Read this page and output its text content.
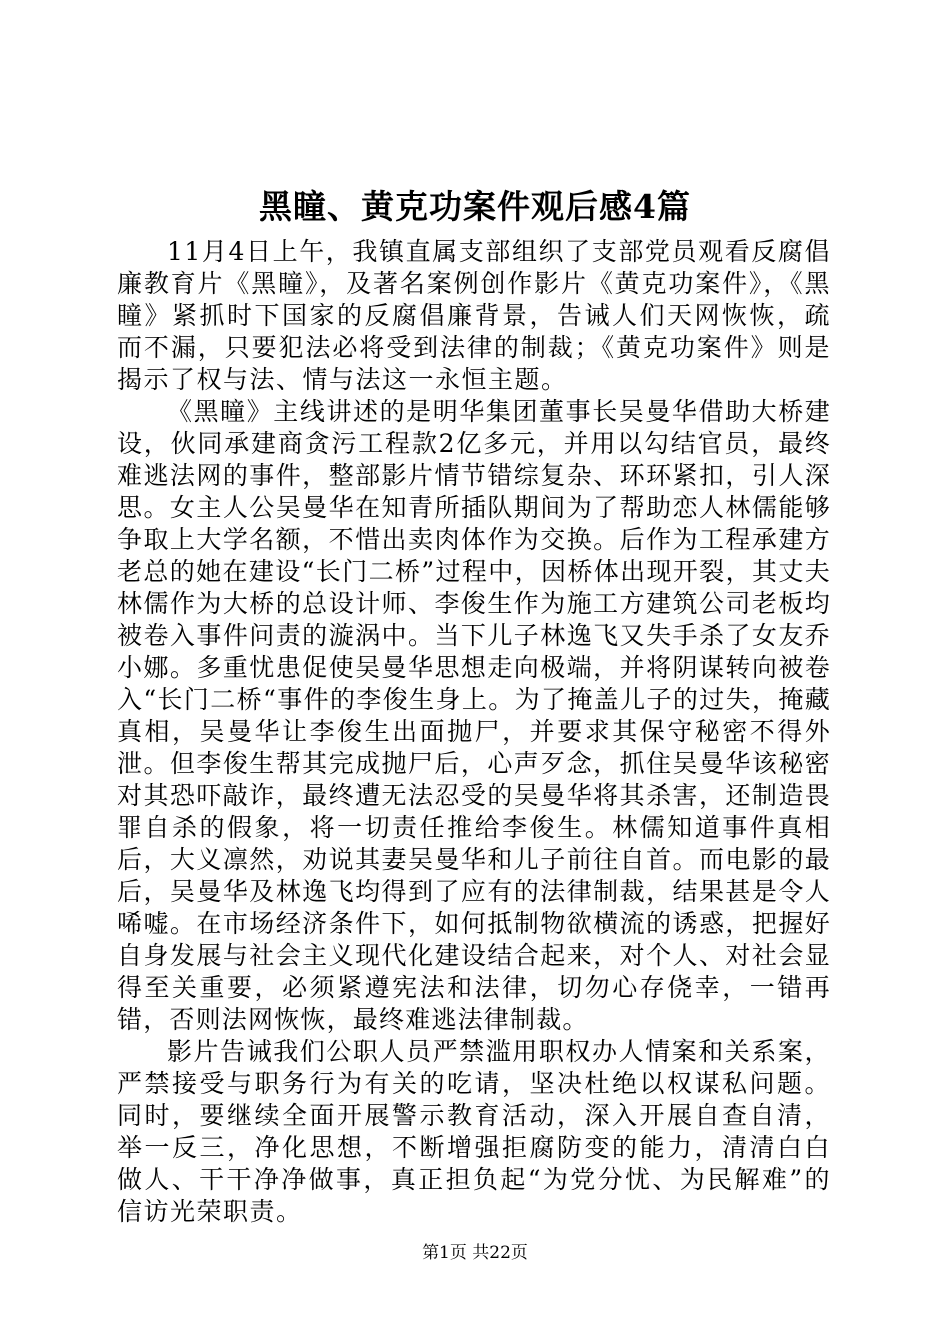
黑瞳、黄克功案件观后感4篇

11月4日上午，我镇直属支部组织了支部党员观看反腐倡廉教育片《黑瞳》，及著名案例创作影片《黄克功案件》，《黑瞳》紧抓时下国家的反腐倡廉背景，告诫人们天网恢恢，疏而不漏，只要犯法必将受到法律的制裁；《黄克功案件》则是揭示了权与法、情与法这一永恒主题。

《黑瞳》主线讲述的是明华集团董事长吴曼华借助大桥建设，伙同承建商贪污工程款2亿多元，并用以勾结官员，最终难逃法网的事件，整部影片情节错综复杂、环环紧扣，引人深思。女主人公吴曼华在知青所插队期间为了帮助恋人林儒能够争取上大学名额，不惜出卖肉体作为交换。后作为工程承建方老总的她在建设“长门二桥”过程中，因桥体出现开裂，其丈夫林儒作为大桥的总设计师、李俊生作为施工方建筑公司老板均被卷入事件问责的漩涡中。当下儿子林逸飞又失手杀了女友乔小娜。多重忧患促使吴曼华思想走向极端，并将阴谋转向被卷入“长门二桥“事件的李俊生身上。为了掩盖儿子的过失，掩藏真相，吴曼华让李俊生出面抛尸，并要求其保守秘密不得外泄。但李俊生帮其完成抛尸后，心声歹念，抓住吴曼华该秘密对其恐吓敲诈，最终遭无法忍受的吴曼华将其杀害，还制造畏罪自杀的假象，将一切责任推给李俊生。林儒知道事件真相后，大义凛然，劝说其妻吴曼华和儿子前往自首。而电影的最后，吴曼华及林逸飞均得到了应有的法律制裁，结果甚是令人唏嘘。在市场经济条件下，如何抵制物欲横流的诱惑，把握好自身发展与社会主义现代化建设结合起来，对个人、对社会显得至关重要，必须紧遵宪法和法律，切勿心存侥幸，一错再错，否则法网恢恢，最终难逃法律制裁。

影片告诫我们公职人员严禁滥用职权办人情案和关系案，严禁接受与职务行为有关的吃请，坚决杜绝以权谋私问题。同时，要继续全面开展警示教育活动，深入开展自查自清，举一反三，净化思想，不断增强拒腐防变的能力，清清白白做人、干干净净做事，真正担负起“为党分忧、为民解难”的信访光荣职责。

第1页 共22页
